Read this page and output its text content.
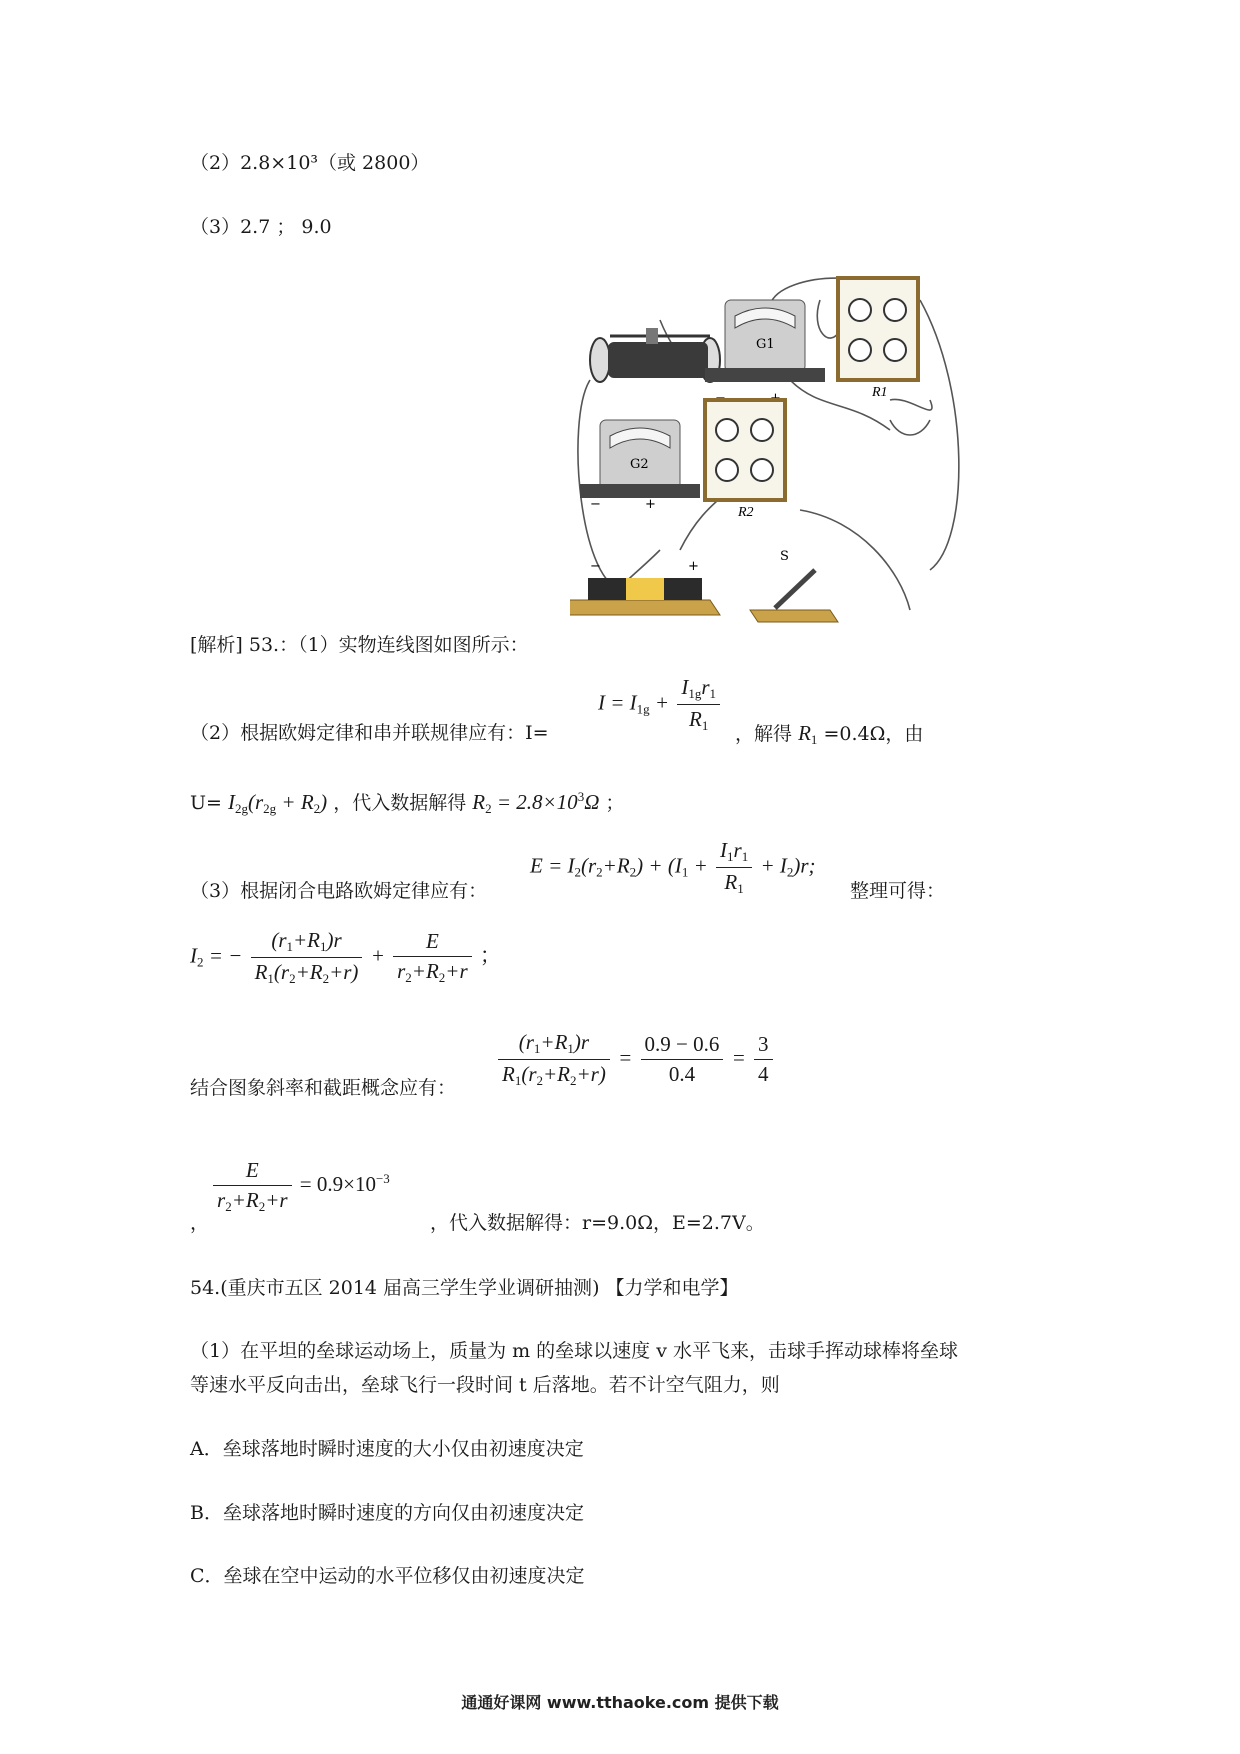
（2）2.8×10³（或 2800）
（3）2.7 ； 9.0
G1
R1
G2
−	+
R2
−	+
S
[解析] 53.：（1）实物连线图如图所示：
（2）根据欧姆定律和串并联规律应有：I=
$I = I_{1g} + \frac{I_{1g}r_1}{R_1}$ ，解得 $R_1 =0.4\Omega$，由
$U= I_{2g}(r_{2g} + R_2)$ ，代入数据解得 $R_2 = 2.8\times 10^3\Omega$ ；
（3）根据闭合电路欧姆定律应有：
$E = I_2(r_2+R_2) + (I_1 + \frac{I_1r_1}{R_1} + I_2)r$;
整理可得：
$I_2$ = − $\frac{(r_1+R_1)r}{R_1(r_2+R_2+r)} + \frac{E}{r_2+R_2+r}$ ；
结合图象斜率和截距概念应有： $\frac{(r_1+R_1)r}{R_1(r_2+R_2+r)} = \frac{0.9 - 0.6}{0.4} = \frac{3}{4}$
，
$\frac{E}{r_2+R_2+r} = 0.9\times 10^{-3}$
，代入数据解得：r=9.0Ω，E=2.7V。
54.(重庆市五区 2014 届高三学生学业调研抽测) 【力学和电学】
（1）在平坦的垒球运动场上，质量为 m 的垒球以速度 v 水平飞来，击球手挥动球棒将垒球
等速水平反向击出，垒球飞行一段时间 t 后落地。若不计空气阻力，则
A．垒球落地时瞬时速度的大小仅由初速度决定
B．垒球落地时瞬时速度的方向仅由初速度决定
C．垒球在空中运动的水平位移仅由初速度决定
通通好课网 www.tthaoke.com 提供下载
